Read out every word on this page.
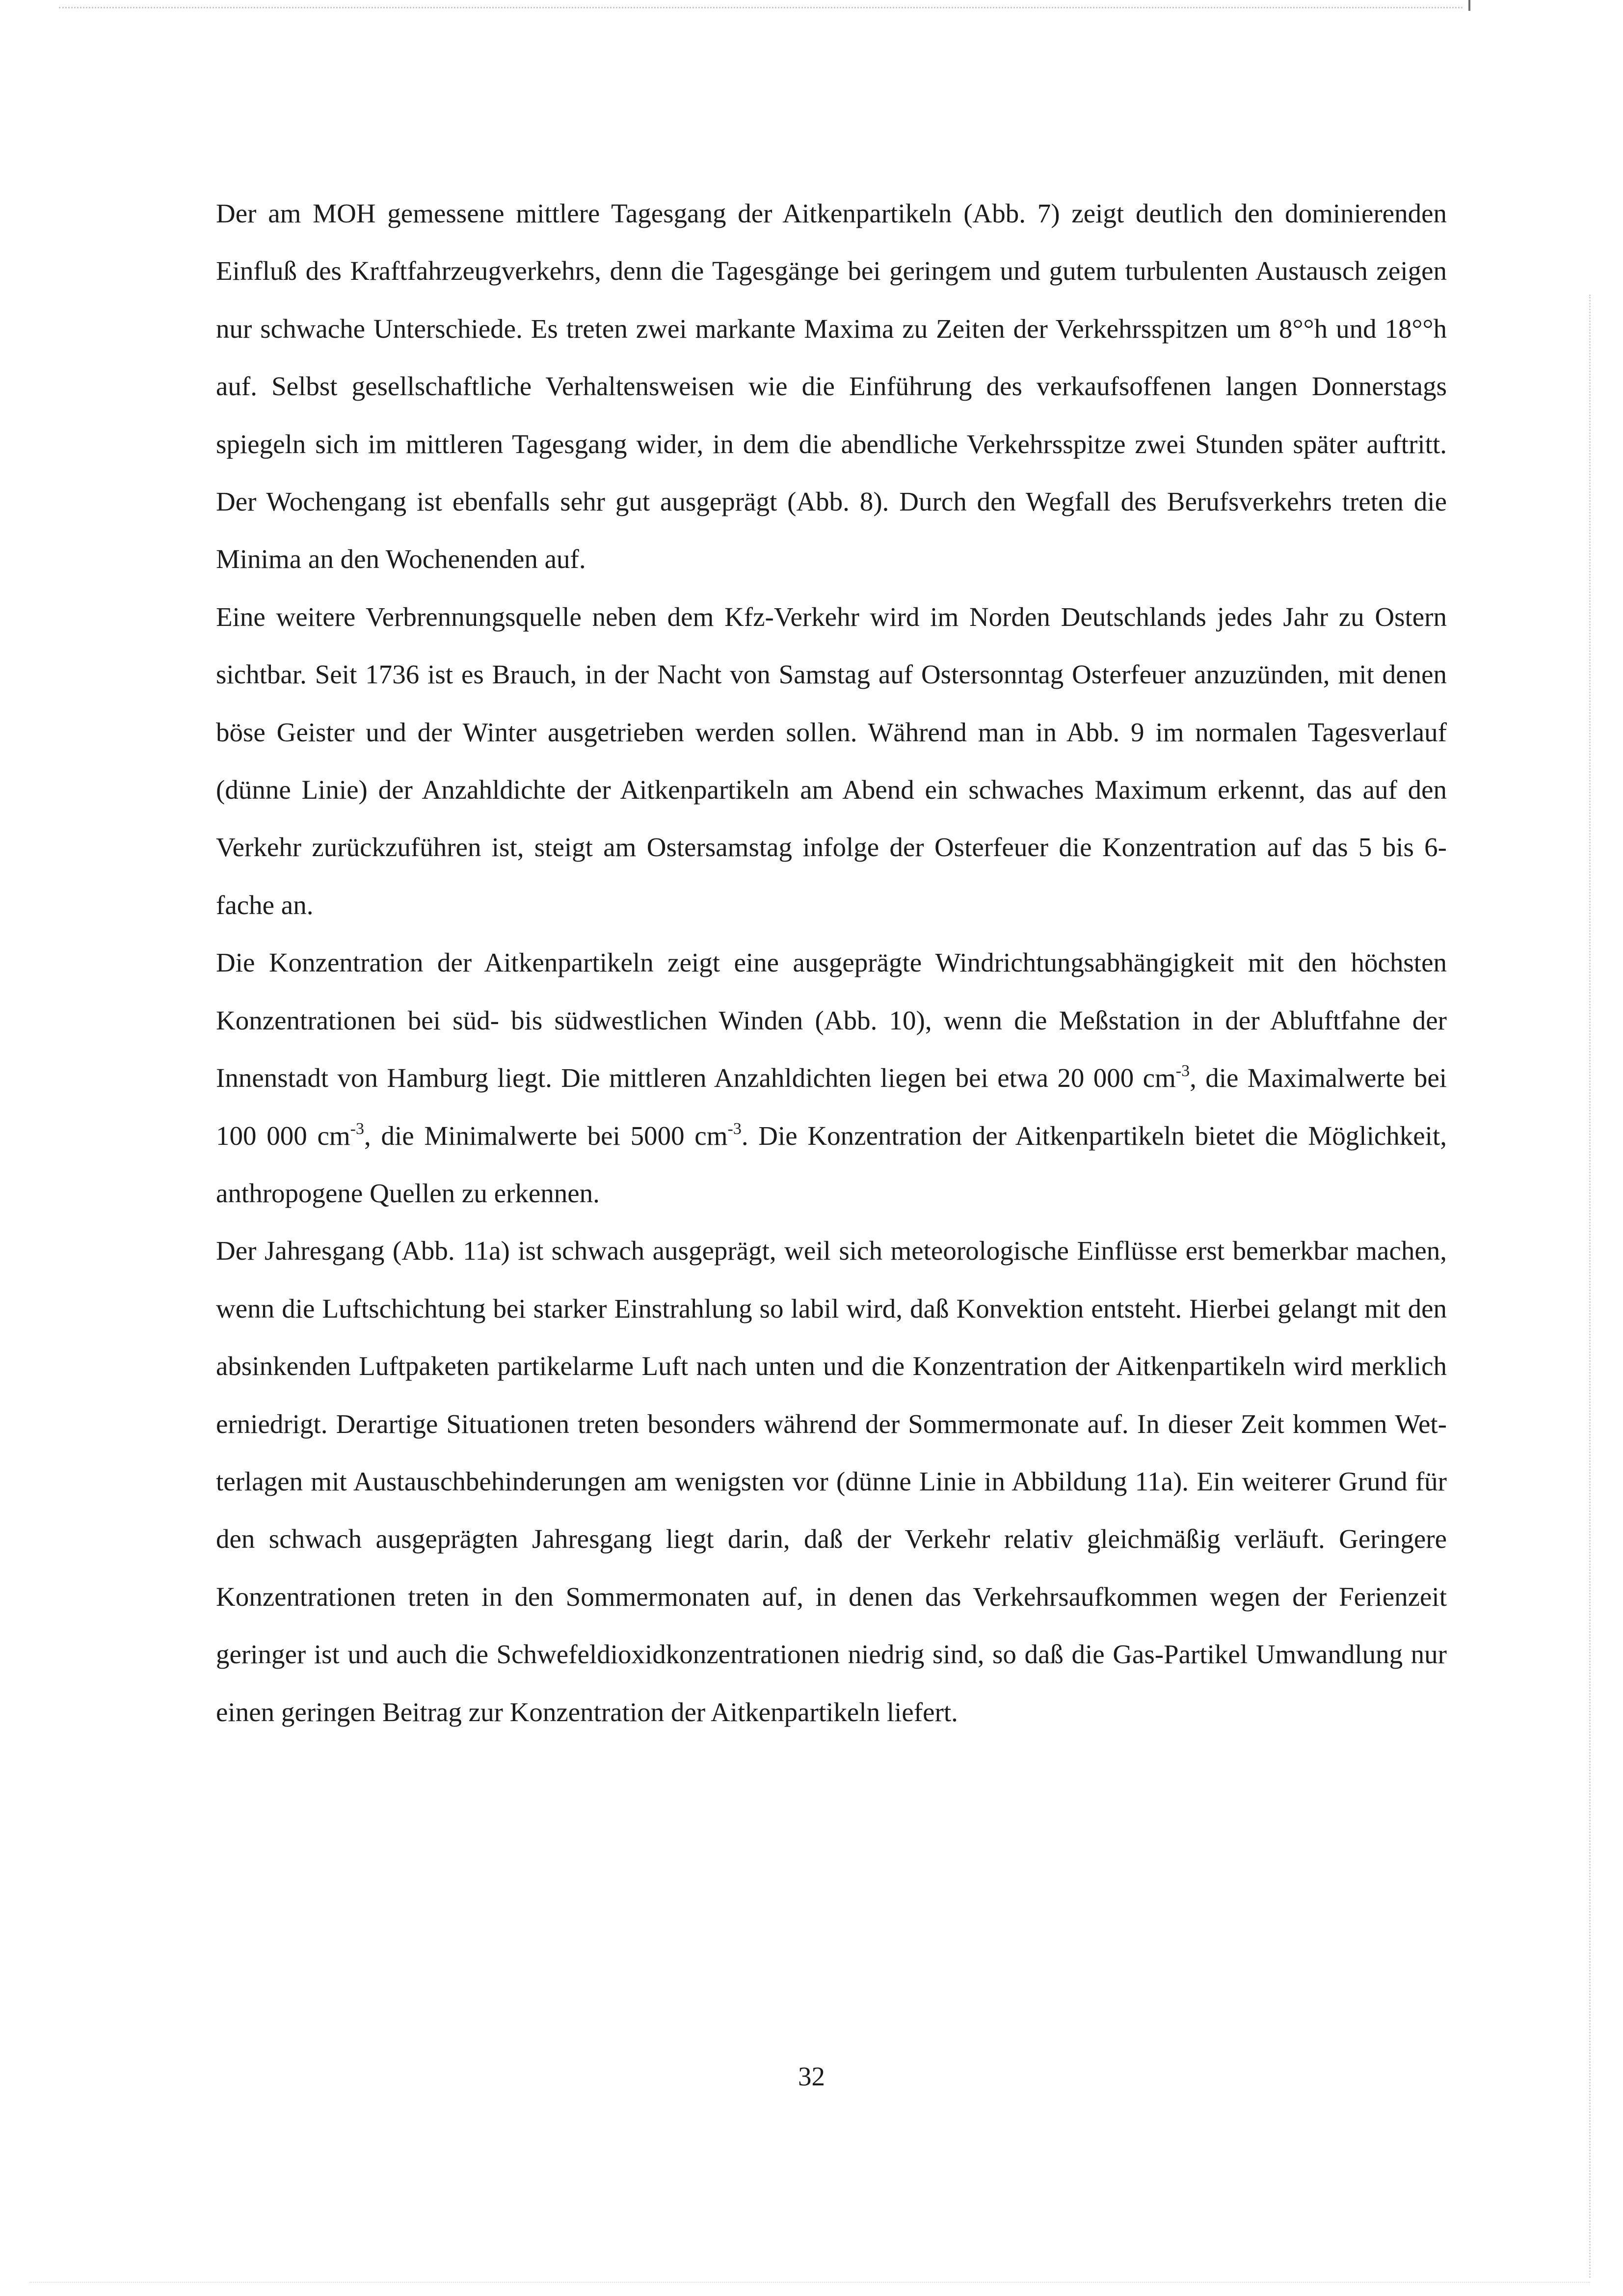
Der am MOH gemessene mittlere Tagesgang der Aitkenpartikeln (Abb. 7) zeigt deutlich den dominierenden Einfluß des Kraftfahrzeugverkehrs, denn die Tagesgänge bei geringem und gutem turbulenten Austausch zeigen nur schwache Unterschiede. Es treten zwei markante Maxima zu Zeiten der Verkehrsspitzen um 8°°h und 18°°h auf. Selbst gesellschaftliche Verhaltensweisen wie die Einführung des verkaufsoffenen langen Donnerstags spiegeln sich im mittleren Tagesgang wider, in dem die abendliche Verkehrsspitze zwei Stunden später auftritt. Der Wochengang ist ebenfalls sehr gut ausgeprägt (Abb. 8). Durch den Wegfall des Berufsverkehrs treten die Minima an den Wochenenden auf.

Eine weitere Verbrennungsquelle neben dem Kfz-Verkehr wird im Norden Deutschlands jedes Jahr zu Ostern sichtbar. Seit 1736 ist es Brauch, in der Nacht von Samstag auf Ostersonntag Osterfeuer anzuzünden, mit denen böse Geister und der Winter ausgetrieben werden sollen. Während man in Abb. 9 im normalen Tagesverlauf (dünne Linie) der Anzahldichte der Aitkenpartikeln am Abend ein schwaches Maximum erkennt, das auf den Verkehr zurückzuführen ist, steigt am Ostersamstag infolge der Osterfeuer die Konzentration auf das 5 bis 6-fache an.

Die Konzentration der Aitkenpartikeln zeigt eine ausgeprägte Windrichtungsabhängigkeit mit den höchsten Konzentrationen bei süd- bis südwestlichen Winden (Abb. 10), wenn die Meßstation in der Abluftfahne der Innenstadt von Hamburg liegt. Die mittleren Anzahldichten liegen bei etwa 20 000 $cm^{-3}$, die Maximalwerte bei 100 000 $cm^{-3}$, die Minimalwerte bei 5000 $cm^{-3}$. Die Konzentration der Aitkenpartikeln bietet die Möglichkeit, anthropogene Quellen zu erkennen.

Der Jahresgang (Abb. 11a) ist schwach ausgeprägt, weil sich meteorologische Einflüsse erst bemerkbar machen, wenn die Luftschichtung bei starker Einstrahlung so labil wird, daß Konvektion entsteht. Hierbei gelangt mit den absinkenden Luftpaketen partikelarme Luft nach unten und die Konzentration der Aitkenpartikeln wird merklich erniedrigt. Derartige Situationen treten besonders während der Sommermonate auf. In dieser Zeit kommen Wetterlagen mit Austauschbehinderungen am wenigsten vor (dünne Linie in Abbildung 11a). Ein weiterer Grund für den schwach ausgeprägten Jahresgang liegt darin, daß der Verkehr relativ gleichmäßig verläuft. Geringere Konzentrationen treten in den Sommermonaten auf, in denen das Verkehrsaufkommen wegen der Ferienzeit geringer ist und auch die Schwefeldioxidkonzentrationen niedrig sind, so daß die Gas-Partikel Umwandlung nur einen geringen Beitrag zur Konzentration der Aitkenpartikeln liefert.

32
